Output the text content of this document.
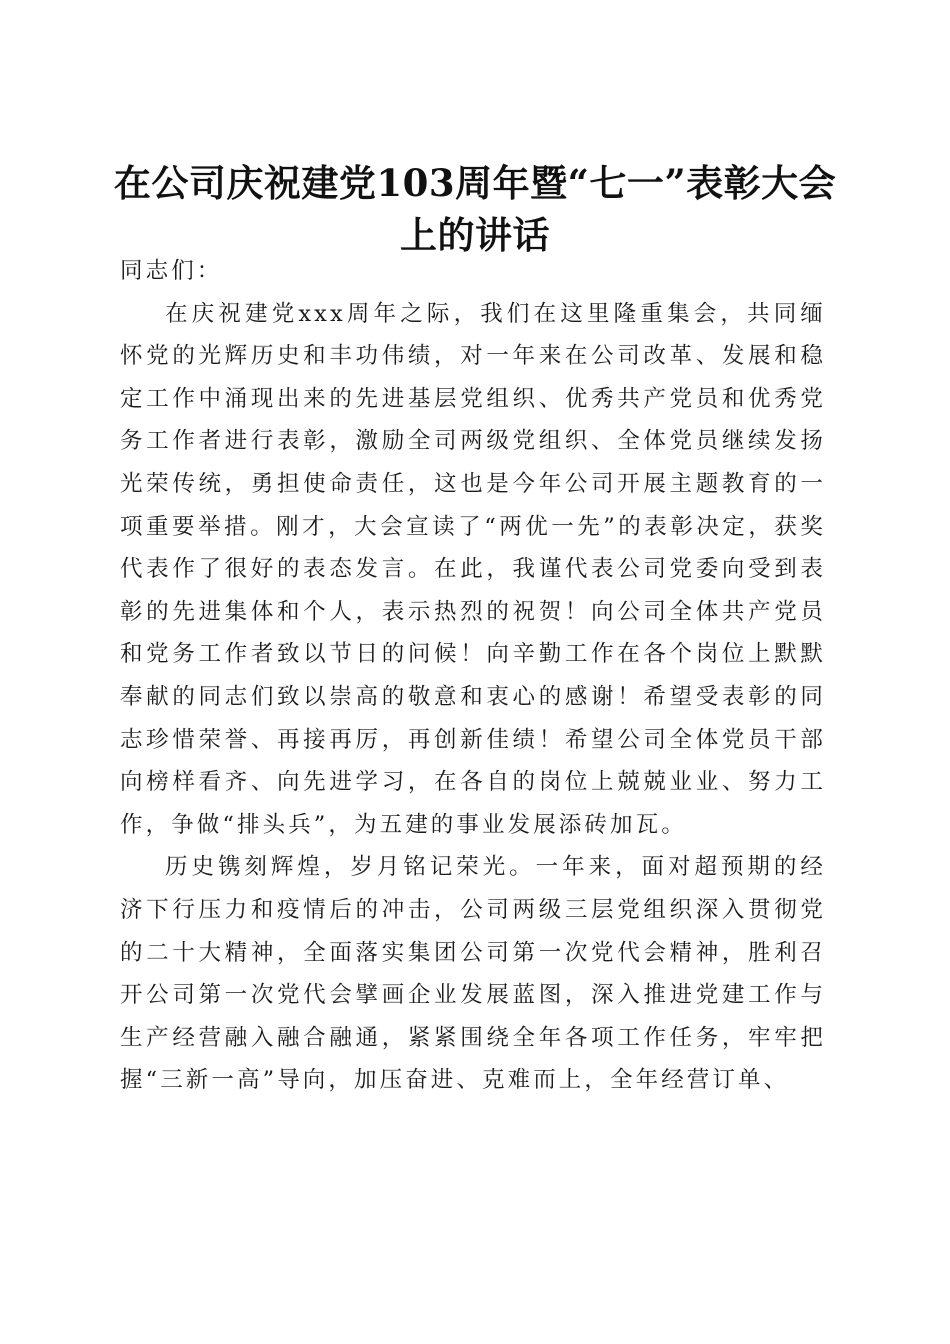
在公司庆祝建党103周年暨“七一”表彰大会
上的讲话

同志们：

在庆祝建党xxx周年之际，我们在这里隆重集会，共同缅怀党的光辉历史和丰功伟绩，对一年来在公司改革、发展和稳定工作中涌现出来的先进基层党组织、优秀共产党员和优秀党务工作者进行表彰，激励全司两级党组织、全体党员继续发扬光荣传统，勇担使命责任，这也是今年公司开展主题教育的一项重要举措。刚才，大会宣读了“两优一先”的表彰决定，获奖代表作了很好的表态发言。在此，我谨代表公司党委向受到表彰的先进集体和个人，表示热烈的祝贺！向公司全体共产党员和党务工作者致以节日的问候！向辛勤工作在各个岗位上默默奉献的同志们致以崇高的敬意和衷心的感谢！希望受表彰的同志珍惜荣誉、再接再厉，再创新佳绩！希望公司全体党员干部向榜样看齐、向先进学习，在各自的岗位上兢兢业业、努力工作，争做“排头兵”，为五建的事业发展添砖加瓦。

历史镌刻辉煌，岁月铭记荣光。一年来，面对超预期的经济下行压力和疫情后的冲击，公司两级三层党组织深入贯彻党的二十大精神，全面落实集团公司第一次党代会精神，胜利召开公司第一次党代会擘画企业发展蓝图，深入推进党建工作与生产经营融入融合融通，紧紧围绕全年各项工作任务，牢牢把握“三新一高”导向，加压奋进、克难而上，全年经营订单、
